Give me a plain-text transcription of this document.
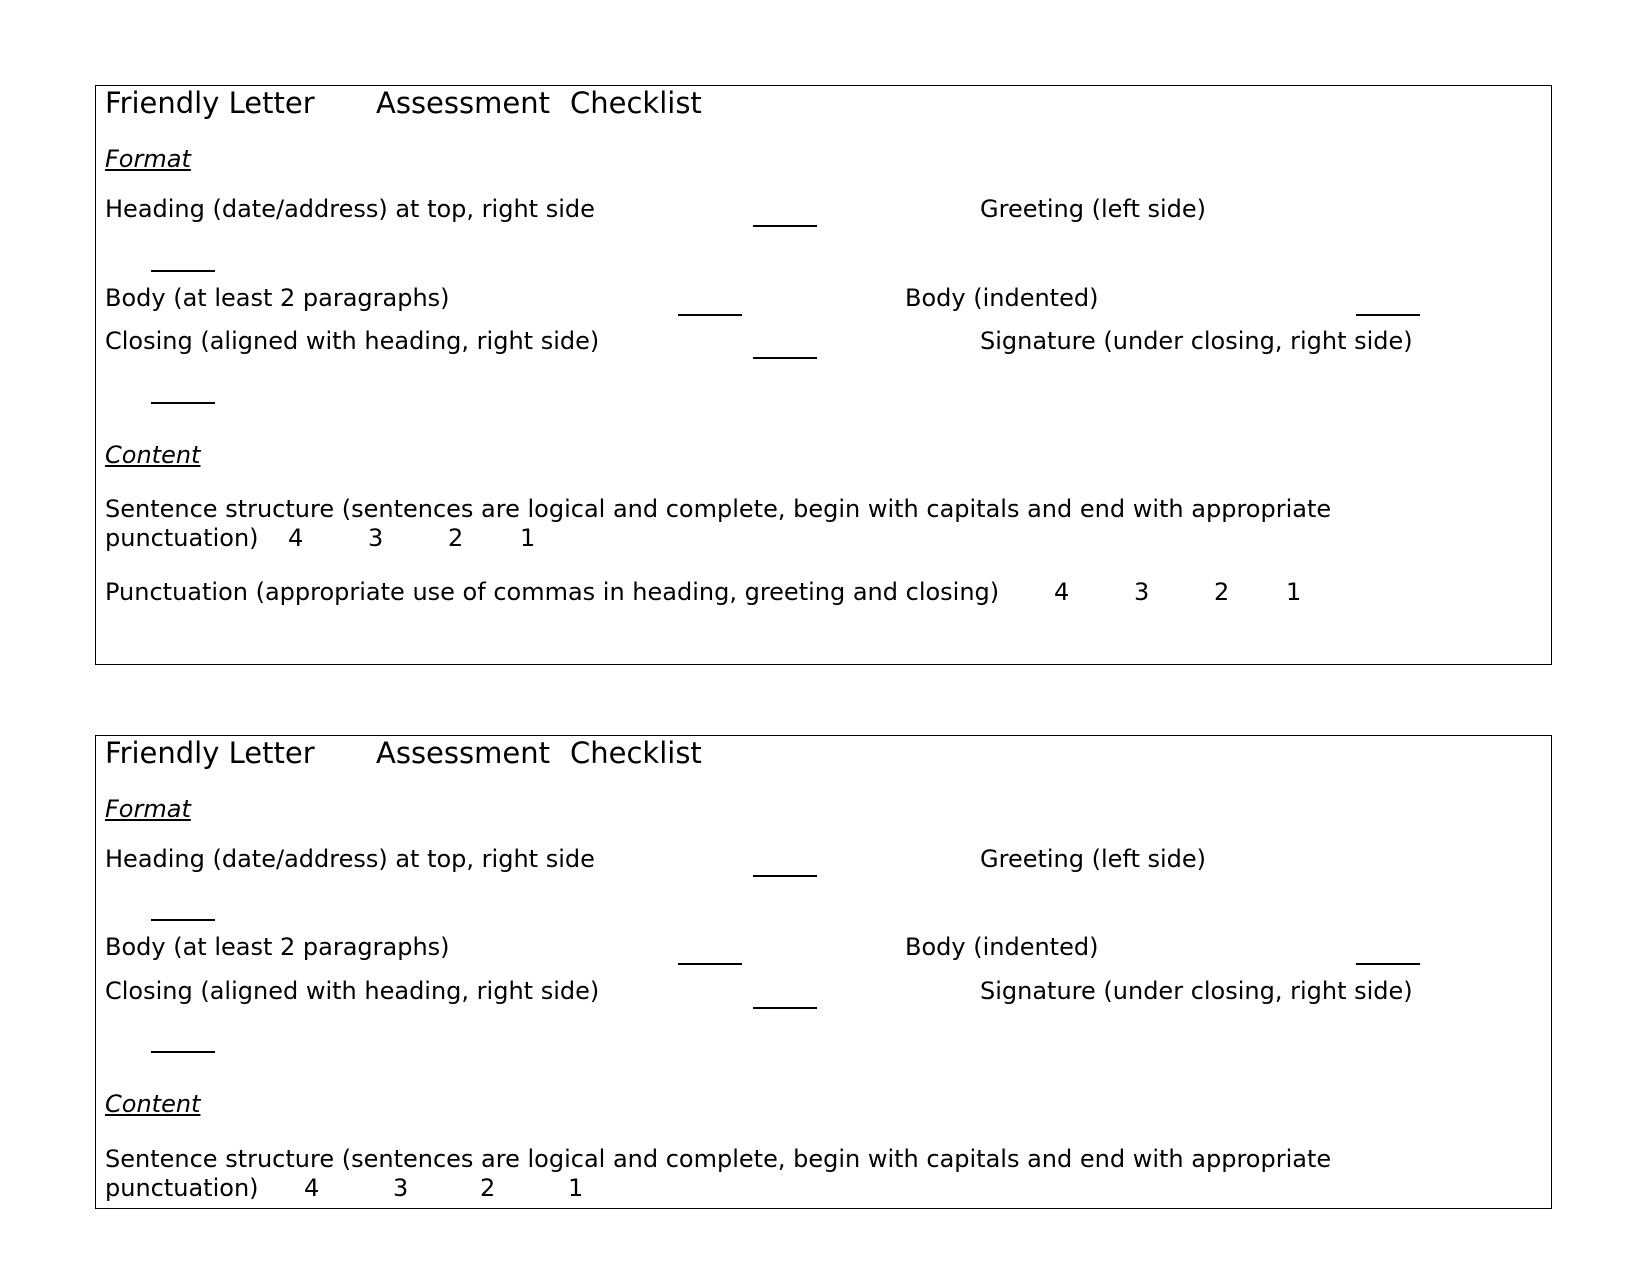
Friendly Letter Assessment Checklist
Format
Heading (date/address) at top, right side	Greeting (left side)
Body (at least 2 paragraphs)	Body (indented)
Closing (aligned with heading, right side)	Signature (under closing, right side)
Content
Sentence structure (sentences are logical and complete, begin with capitals and end with appropriate
punctuation) 4	3	2 1
Punctuation (appropriate use of commas in heading, greeting and closing) 4	3	2 1
Friendly Letter Assessment Checklist
Format
Heading (date/address) at top, right side	Greeting (left side)
Body (at least 2 paragraphs)	Body (indented)
Closing (aligned with heading, right side)	Signature (under closing, right side)
Content
Sentence structure (sentences are logical and complete, begin with capitals and end with appropriate
punctuation) 4	3	2	1
